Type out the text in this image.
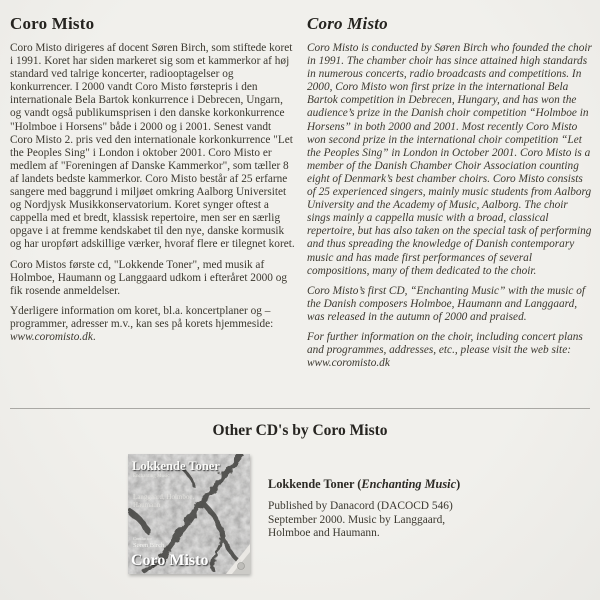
Coro Misto

Coro Misto dirigeres af docent Søren Birch, som stiftede koret i 1991. Koret har siden markeret sig som et kammerkor af høj standard ved talrige koncerter, radiooptagelser og konkurrencer. I 2000 vandt Coro Misto førstepris i den internationale Bela Bartok konkurrence i Debrecen, Ungarn, og vandt også publikumsprisen i den danske korkonkurrence "Holmboe i Horsens" både i 2000 og i 2001. Senest vandt Coro Misto 2. pris ved den internationale korkonkurrence "Let the Peoples Sing" i London i oktober 2001. Coro Misto er medlem af "Foreningen af Danske Kammerkor", som tæller 8 af landets bedste kammerkor. Coro Misto består af 25 erfarne sangere med baggrund i miljøet omkring Aalborg Universitet og Nordjysk Musikkonservatorium. Koret synger oftest a cappella med et bredt, klassisk repertoire, men ser en særlig opgave i at fremme kendskabet til den nye, danske kormusik og har uropført adskillige værker, hvoraf flere er tilegnet koret.

Coro Mistos første cd, "Lokkende Toner", med musik af Holmboe, Haumann og Langgaard udkom i efteråret 2000 og fik rosende anmeldelser.

Yderligere information om koret, bl.a. koncertplaner og –programmer, adresser m.v., kan ses på korets hjemmeside: www.coromisto.dk.

Coro Misto

Coro Misto is conducted by Søren Birch who founded the choir in 1991. The chamber choir has since attained high standards in numerous concerts, radio broadcasts and competitions. In 2000, Coro Misto won first prize in the international Bela Bartok competition in Debrecen, Hungary, and has won the audience’s prize in the Danish choir competition “Holmboe in Horsens” in both 2000 and 2001. Most recently Coro Misto won second prize in the international choir competition “Let the Peoples Sing” in London in October 2001. Coro Misto is a member of the Danish Chamber Choir Association counting eight of Denmark’s best chamber choirs. Coro Misto consists of 25 experienced singers, mainly music students from Aalborg University and the Academy of Music, Aalborg. The choir sings mainly a cappella music with a broad, classical repertoire, but has also taken on the special task of performing and thus spreading the knowledge of Danish contemporary music and has made first performances of several compositions, many of them dedicated to the choir.

Coro Misto’s first CD, “Enchanting Music” with the music of the Danish composers Holmboe, Haumann and Langgaard, was released in the autumn of 2000 and praised.

For further information on the choir, including concert plans and programmes, addresses, etc., please visit the web site: www.coromisto.dk

Other CD's by Coro Misto
Lokkende Toner
Enchanting Music
Langgaard, Holmboe,
Haumann
Conductor
Søren Birch
Coro Misto
Lokkende Toner (Enchanting Music)
Published by Danacord (DACOCD 546)
September 2000. Music by Langgaard,
Holmboe and Haumann.
